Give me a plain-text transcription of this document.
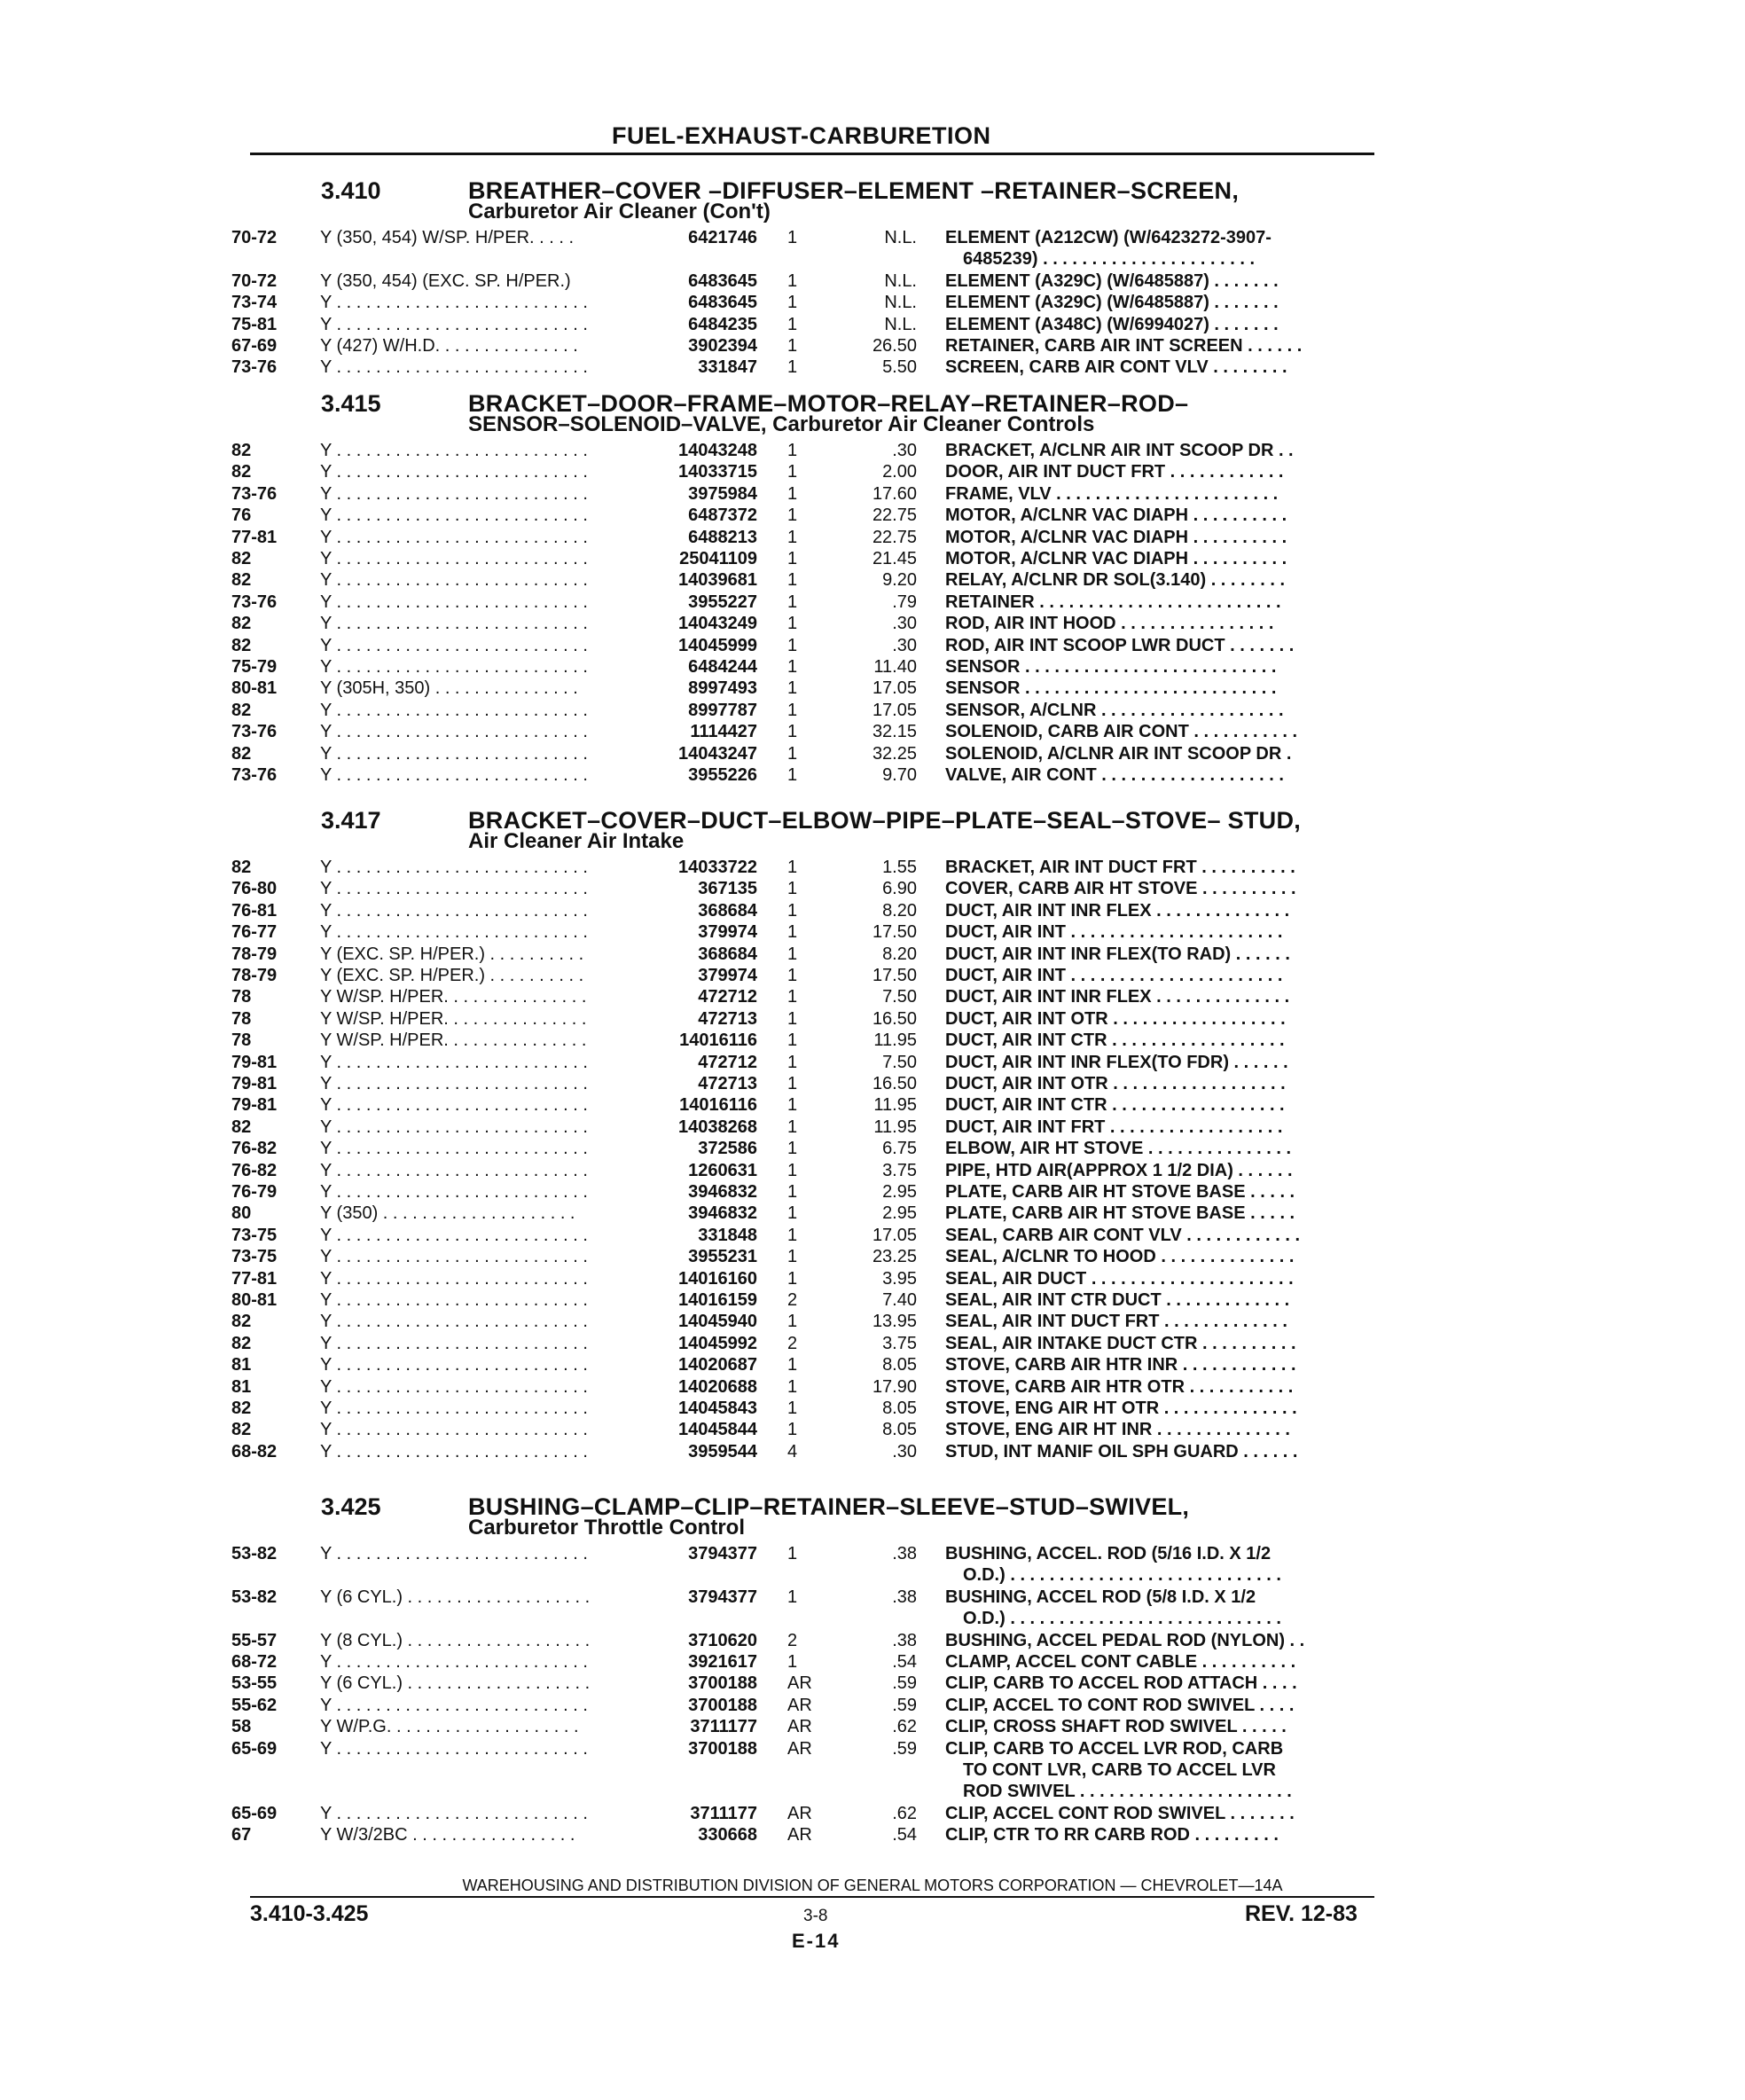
FUEL-EXHAUST-CARBURETION
3.410	BREATHER–COVER –DIFFUSER–ELEMENT –RETAINER–SCREEN,
Carburetor Air Cleaner (Con't)
70-72 Y (350, 454) W/SP. H/PER. . . . .	6421746 1	N.L. ELEMENT (A212CW) (W/6423272-3907-
6485239) . . . . . . . . . . . . . . . . . . . . . .
70-72 Y (350, 454) (EXC. SP. H/PER.)	6483645 1	N.L. ELEMENT (A329C) (W/6485887) . . . . . . .
73-74 Y . . . . . . . . . . . . . . . . . . . . . . . . . .	6483645 1	N.L. ELEMENT (A329C) (W/6485887) . . . . . . .
75-81 Y . . . . . . . . . . . . . . . . . . . . . . . . . .	6484235 1	N.L. ELEMENT (A348C) (W/6994027) . . . . . . .
67-69 Y (427) W/H.D. . . . . . . . . . . . . . .	3902394 1	26.50 RETAINER, CARB AIR INT SCREEN . . . . . .
73-76 Y . . . . . . . . . . . . . . . . . . . . . . . . . .	331847 1	5.50 SCREEN, CARB AIR CONT VLV . . . . . . . .
3.415	BRACKET–DOOR–FRAME–MOTOR–RELAY–RETAINER–ROD–
SENSOR–SOLENOID–VALVE, Carburetor Air Cleaner Controls
82	Y . . . . . . . . . . . . . . . . . . . . . . . . . .	14043248 1	.30 BRACKET, A/CLNR AIR INT SCOOP DR . .
82	Y . . . . . . . . . . . . . . . . . . . . . . . . . .	14033715 1	2.00 DOOR, AIR INT DUCT FRT . . . . . . . . . . . .
73-76 Y . . . . . . . . . . . . . . . . . . . . . . . . . .	3975984 1	17.60 FRAME, VLV . . . . . . . . . . . . . . . . . . . . . . .
76	Y . . . . . . . . . . . . . . . . . . . . . . . . . .	6487372 1	22.75 MOTOR, A/CLNR VAC DIAPH . . . . . . . . . .
77-81 Y . . . . . . . . . . . . . . . . . . . . . . . . . .	6488213 1	22.75 MOTOR, A/CLNR VAC DIAPH . . . . . . . . . .
82	Y . . . . . . . . . . . . . . . . . . . . . . . . . .	25041109 1	21.45 MOTOR, A/CLNR VAC DIAPH . . . . . . . . . .
82	Y . . . . . . . . . . . . . . . . . . . . . . . . . .	14039681 1	9.20 RELAY, A/CLNR DR SOL(3.140) . . . . . . . .
73-76 Y . . . . . . . . . . . . . . . . . . . . . . . . . .	3955227 1	.79 RETAINER . . . . . . . . . . . . . . . . . . . . . . . . .
82	Y . . . . . . . . . . . . . . . . . . . . . . . . . .	14043249 1	.30 ROD, AIR INT HOOD . . . . . . . . . . . . . . . .
82	Y . . . . . . . . . . . . . . . . . . . . . . . . . .	14045999 1	.30 ROD, AIR INT SCOOP LWR DUCT . . . . . . .
75-79 Y . . . . . . . . . . . . . . . . . . . . . . . . . .	6484244 1	11.40 SENSOR . . . . . . . . . . . . . . . . . . . . . . . . . .
80-81 Y (305H, 350) . . . . . . . . . . . . . . .	8997493 1	17.05 SENSOR . . . . . . . . . . . . . . . . . . . . . . . . . .
82	Y . . . . . . . . . . . . . . . . . . . . . . . . . .	8997787 1	17.05 SENSOR, A/CLNR . . . . . . . . . . . . . . . . . . .
73-76 Y . . . . . . . . . . . . . . . . . . . . . . . . . .	1114427 1	32.15 SOLENOID, CARB AIR CONT . . . . . . . . . . .
82	Y . . . . . . . . . . . . . . . . . . . . . . . . . .	14043247 1	32.25 SOLENOID, A/CLNR AIR INT SCOOP DR .
73-76 Y . . . . . . . . . . . . . . . . . . . . . . . . . .	3955226 1	9.70 VALVE, AIR CONT . . . . . . . . . . . . . . . . . . .
3.417	BRACKET–COVER–DUCT–ELBOW–PIPE–PLATE–SEAL–STOVE– STUD,
Air Cleaner Air Intake
82	Y . . . . . . . . . . . . . . . . . . . . . . . . . .	14033722 1	1.55 BRACKET, AIR INT DUCT FRT . . . . . . . . . .
76-80 Y . . . . . . . . . . . . . . . . . . . . . . . . . .	367135 1	6.90 COVER, CARB AIR HT STOVE . . . . . . . . . .
76-81 Y . . . . . . . . . . . . . . . . . . . . . . . . . .	368684 1	8.20 DUCT, AIR INT INR FLEX . . . . . . . . . . . . . .
76-77 Y . . . . . . . . . . . . . . . . . . . . . . . . . .	379974 1	17.50 DUCT, AIR INT . . . . . . . . . . . . . . . . . . . . . .
78-79 Y (EXC. SP. H/PER.) . . . . . . . . . .	368684 1	8.20 DUCT, AIR INT INR FLEX(TO RAD) . . . . . .
78-79 Y (EXC. SP. H/PER.) . . . . . . . . . .	379974 1	17.50 DUCT, AIR INT . . . . . . . . . . . . . . . . . . . . . .
78	Y W/SP. H/PER. . . . . . . . . . . . . . .	472712 1	7.50 DUCT, AIR INT INR FLEX . . . . . . . . . . . . . .
78	Y W/SP. H/PER. . . . . . . . . . . . . . .	472713 1	16.50 DUCT, AIR INT OTR . . . . . . . . . . . . . . . . . .
78	Y W/SP. H/PER. . . . . . . . . . . . . . .	14016116 1	11.95 DUCT, AIR INT CTR . . . . . . . . . . . . . . . . . .
79-81 Y . . . . . . . . . . . . . . . . . . . . . . . . . .	472712 1	7.50 DUCT, AIR INT INR FLEX(TO FDR) . . . . . .
79-81 Y . . . . . . . . . . . . . . . . . . . . . . . . . .	472713 1	16.50 DUCT, AIR INT OTR . . . . . . . . . . . . . . . . . .
79-81 Y . . . . . . . . . . . . . . . . . . . . . . . . . .	14016116 1	11.95 DUCT, AIR INT CTR . . . . . . . . . . . . . . . . . .
82	Y . . . . . . . . . . . . . . . . . . . . . . . . . .	14038268 1	11.95 DUCT, AIR INT FRT . . . . . . . . . . . . . . . . . .
76-82 Y . . . . . . . . . . . . . . . . . . . . . . . . . .	372586 1	6.75 ELBOW, AIR HT STOVE . . . . . . . . . . . . . . .
76-82 Y . . . . . . . . . . . . . . . . . . . . . . . . . .	1260631 1	3.75 PIPE, HTD AIR(APPROX 1 1/2 DIA) . . . . . .
76-79 Y . . . . . . . . . . . . . . . . . . . . . . . . . .	3946832 1	2.95 PLATE, CARB AIR HT STOVE BASE . . . . .
80	Y (350) . . . . . . . . . . . . . . . . . . . .	3946832 1	2.95 PLATE, CARB AIR HT STOVE BASE . . . . .
73-75 Y . . . . . . . . . . . . . . . . . . . . . . . . . .	331848 1	17.05 SEAL, CARB AIR CONT VLV . . . . . . . . . . . .
73-75 Y . . . . . . . . . . . . . . . . . . . . . . . . . .	3955231 1	23.25 SEAL, A/CLNR TO HOOD . . . . . . . . . . . . . .
77-81 Y . . . . . . . . . . . . . . . . . . . . . . . . . .	14016160 1	3.95 SEAL, AIR DUCT . . . . . . . . . . . . . . . . . . . . .
80-81 Y . . . . . . . . . . . . . . . . . . . . . . . . . .	14016159 2	7.40 SEAL, AIR INT CTR DUCT . . . . . . . . . . . . .
82	Y . . . . . . . . . . . . . . . . . . . . . . . . . .	14045940 1	13.95 SEAL, AIR INT DUCT FRT . . . . . . . . . . . . .
82	Y . . . . . . . . . . . . . . . . . . . . . . . . . .	14045992 2	3.75 SEAL, AIR INTAKE DUCT CTR . . . . . . . . . .
81	Y . . . . . . . . . . . . . . . . . . . . . . . . . .	14020687 1	8.05 STOVE, CARB AIR HTR INR . . . . . . . . . . . .
81	Y . . . . . . . . . . . . . . . . . . . . . . . . . .	14020688 1	17.90 STOVE, CARB AIR HTR OTR . . . . . . . . . . .
82	Y . . . . . . . . . . . . . . . . . . . . . . . . . .	14045843 1	8.05 STOVE, ENG AIR HT OTR . . . . . . . . . . . . . .
82	Y . . . . . . . . . . . . . . . . . . . . . . . . . .	14045844 1	8.05 STOVE, ENG AIR HT INR . . . . . . . . . . . . . .
68-82 Y . . . . . . . . . . . . . . . . . . . . . . . . . .	3959544 4	.30 STUD, INT MANIF OIL SPH GUARD . . . . . .
3.425	BUSHING–CLAMP–CLIP–RETAINER–SLEEVE–STUD–SWIVEL,
Carburetor Throttle Control
53-82 Y . . . . . . . . . . . . . . . . . . . . . . . . . .	3794377 1	.38 BUSHING, ACCEL. ROD (5/16 I.D. X 1/2
O.D.) . . . . . . . . . . . . . . . . . . . . . . . . . . . .
53-82 Y (6 CYL.) . . . . . . . . . . . . . . . . . . .	3794377 1	.38 BUSHING, ACCEL ROD (5/8 I.D. X 1/2
O.D.) . . . . . . . . . . . . . . . . . . . . . . . . . . . .
55-57 Y (8 CYL.) . . . . . . . . . . . . . . . . . . .	3710620 2	.38 BUSHING, ACCEL PEDAL ROD (NYLON) . .
68-72 Y . . . . . . . . . . . . . . . . . . . . . . . . . .	3921617 1	.54 CLAMP, ACCEL CONT CABLE . . . . . . . . . .
53-55 Y (6 CYL.) . . . . . . . . . . . . . . . . . . .	3700188 AR	.59 CLIP, CARB TO ACCEL ROD ATTACH . . . .
55-62 Y . . . . . . . . . . . . . . . . . . . . . . . . . .	3700188 AR	.59 CLIP, ACCEL TO CONT ROD SWIVEL . . . .
58	Y W/P.G. . . . . . . . . . . . . . . . . . . .	3711177 AR	.62 CLIP, CROSS SHAFT ROD SWIVEL . . . . .
65-69 Y . . . . . . . . . . . . . . . . . . . . . . . . . .	3700188 AR	.59 CLIP, CARB TO ACCEL LVR ROD, CARB
TO CONT LVR, CARB TO ACCEL LVR
ROD SWIVEL . . . . . . . . . . . . . . . . . . . . . .
65-69 Y . . . . . . . . . . . . . . . . . . . . . . . . . .	3711177 AR	.62 CLIP, ACCEL CONT ROD SWIVEL . . . . . . .
67	Y W/3/2BC . . . . . . . . . . . . . . . . .	330668 AR	.54 CLIP, CTR TO RR CARB ROD . . . . . . . . .
WAREHOUSING AND DISTRIBUTION DIVISION OF GENERAL MOTORS CORPORATION — CHEVROLET—14A
3.410-3.425	3-8	REV. 12-83
E-14
